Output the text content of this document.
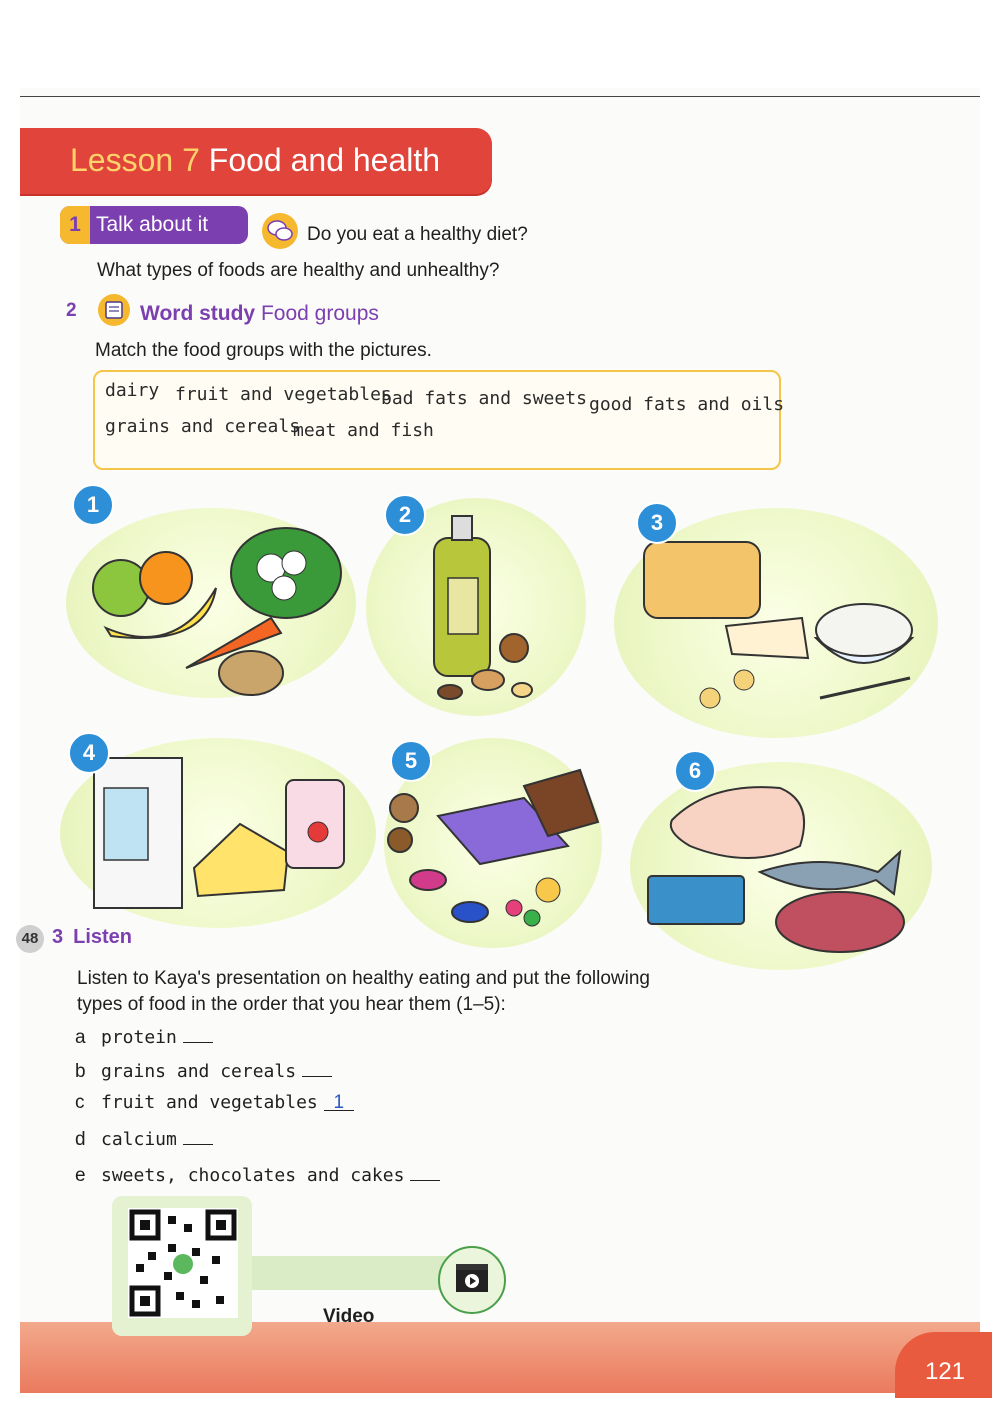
Lesson 7 Food and health
1 Talk about it	Do you eat a healthy diet?
What types of foods are healthy and unhealthy?
2	Word study Food groups
Match the food groups with the pictures.
dairy fruit and vegetables
bad fats and sweets good fats and oils
grains and cereals
meat and fish
1	2	3
4	5	6
48 3 Listen
Listen to Kaya's presentation on healthy eating and put the following types of food in the order that you hear them (1–5):
a protein
b grains and cereals
c fruit and vegetables 1
d calcium
e sweets, chocolates and cakes
Video
121
